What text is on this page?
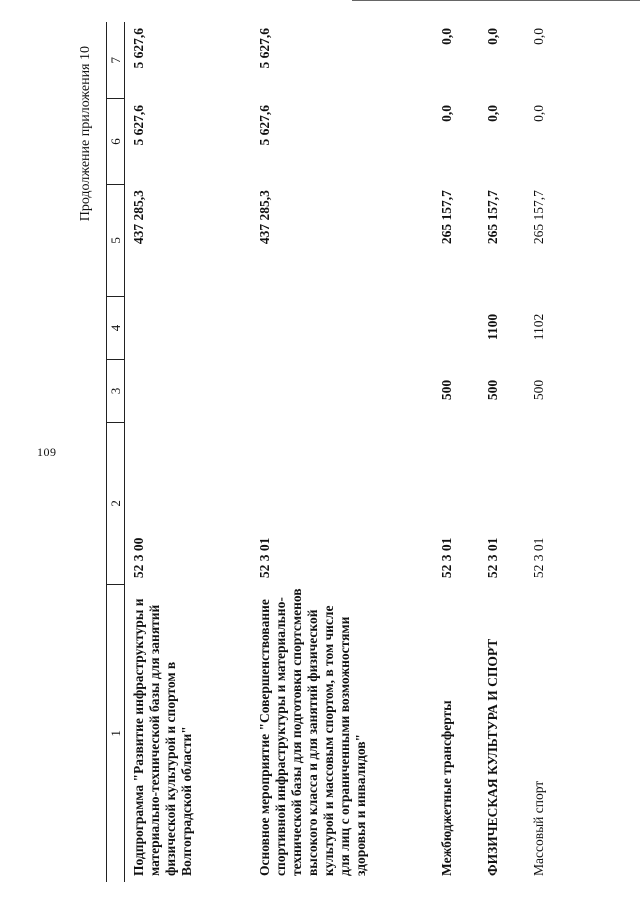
109
Продолжение приложения 10
1	2	3	4	5	6	7
Подпрограмма "Развитие инфраструктуры и материально-технической базы для занятий физической культурой и спортом в Волгоградской области"	52 3 00			437 285,3	5 627,6	5 627,6
Основное мероприятие "Совершенствование спортивной инфраструктуры и материально-технической базы для подготовки спортсменов высокого класса и для занятий физической культурой и массовым спортом, в том числе для лиц с ограниченными возможностями здоровья и инвалидов"	52 3 01			437 285,3	5 627,6	5 627,6
Межбюджетные трансферты	52 3 01	500		265 157,7	0,0	0,0
ФИЗИЧЕСКАЯ КУЛЬТУРА И СПОРТ	52 3 01	500	1100	265 157,7	0,0	0,0
Массовый спорт	52 3 01	500	1102	265 157,7	0,0	0,0
